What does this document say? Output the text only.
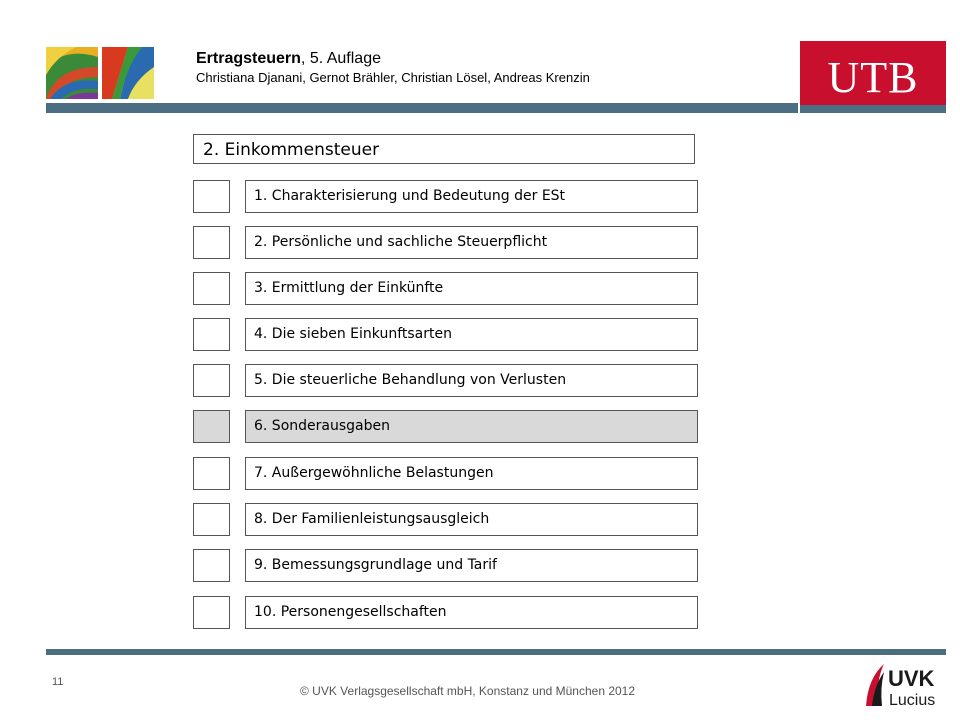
Ertragsteuern, 5. Auflage
Christiana Djanani, Gernot Brähler, Christian Lösel, Andreas Krenzin	UTB
2. Einkommensteuer
1. Charakterisierung und Bedeutung der ESt
2. Persönliche und sachliche Steuerpflicht
3. Ermittlung der Einkünfte
4. Die sieben Einkunftsarten
5. Die steuerliche Behandlung von Verlusten
6. Sonderausgaben
7. Außergewöhnliche Belastungen
8. Der Familienleistungsausgleich
9. Bemessungsgrundlage und Tarif
10. Personengesellschaften
11
© UVK Verlagsgesellschaft mbH, Konstanz und München 2012	UVK
Lucius
